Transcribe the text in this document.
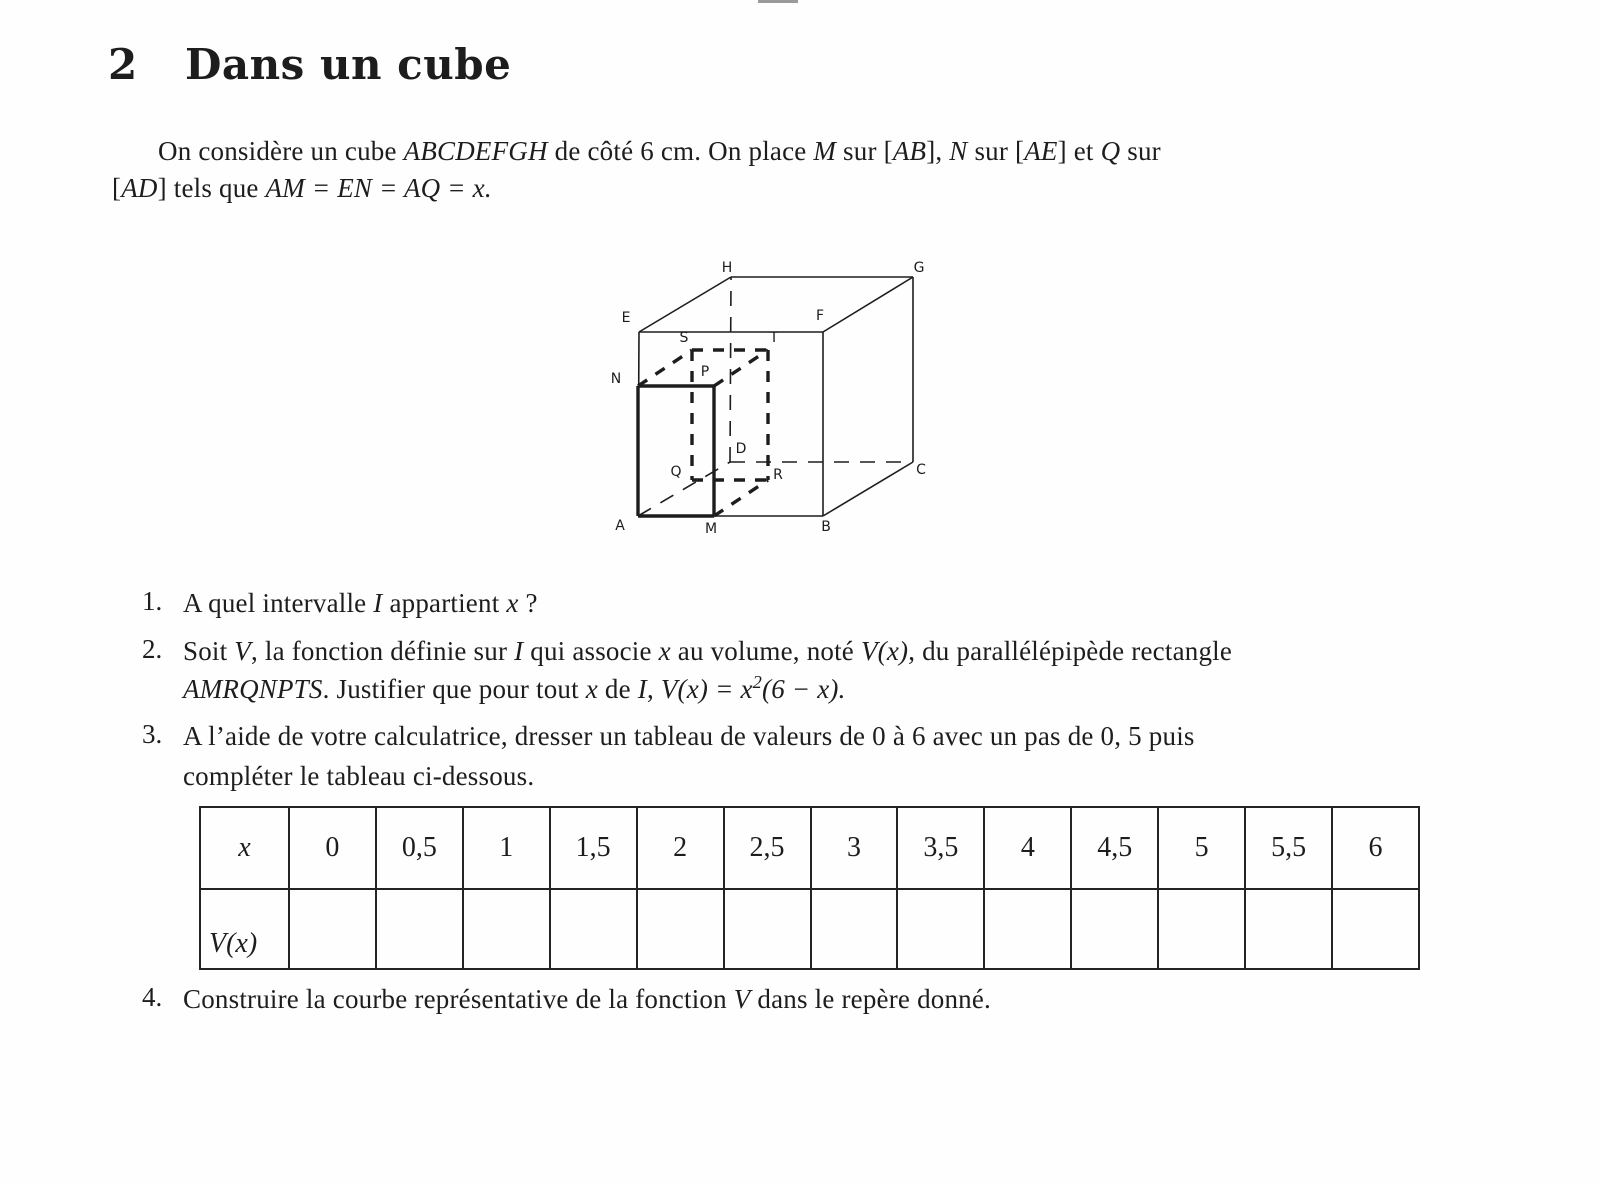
2 Dans un cube
On considère un cube ABCDEFGH de côté 6 cm. On place M sur [AB], N sur [AE] et Q sur
[AD] tels que AM = EN = AQ = x.
H	G
E	F
N
S	T
P
D
Q	R	C
A	M	B
1. A quel intervalle I appartient x ?
2. Soit V, la fonction définie sur I qui associe x au volume, noté V(x), du parallélépipède rectangle
AMRQNPTS. Justifier que pour tout x de I, $V(x) = x^2(6 - x)$.
3. A l’aide de votre calculatrice, dresser un tableau de valeurs de 0 à 6 avec un pas de 0, 5 puis
compléter le tableau ci-dessous.
x	0	0,5	1	1,5	2	2,5	3	3,5	4	4,5	5	5,5	6
V(x)
4. Construire la courbe représentative de la fonction V dans le repère donné.
